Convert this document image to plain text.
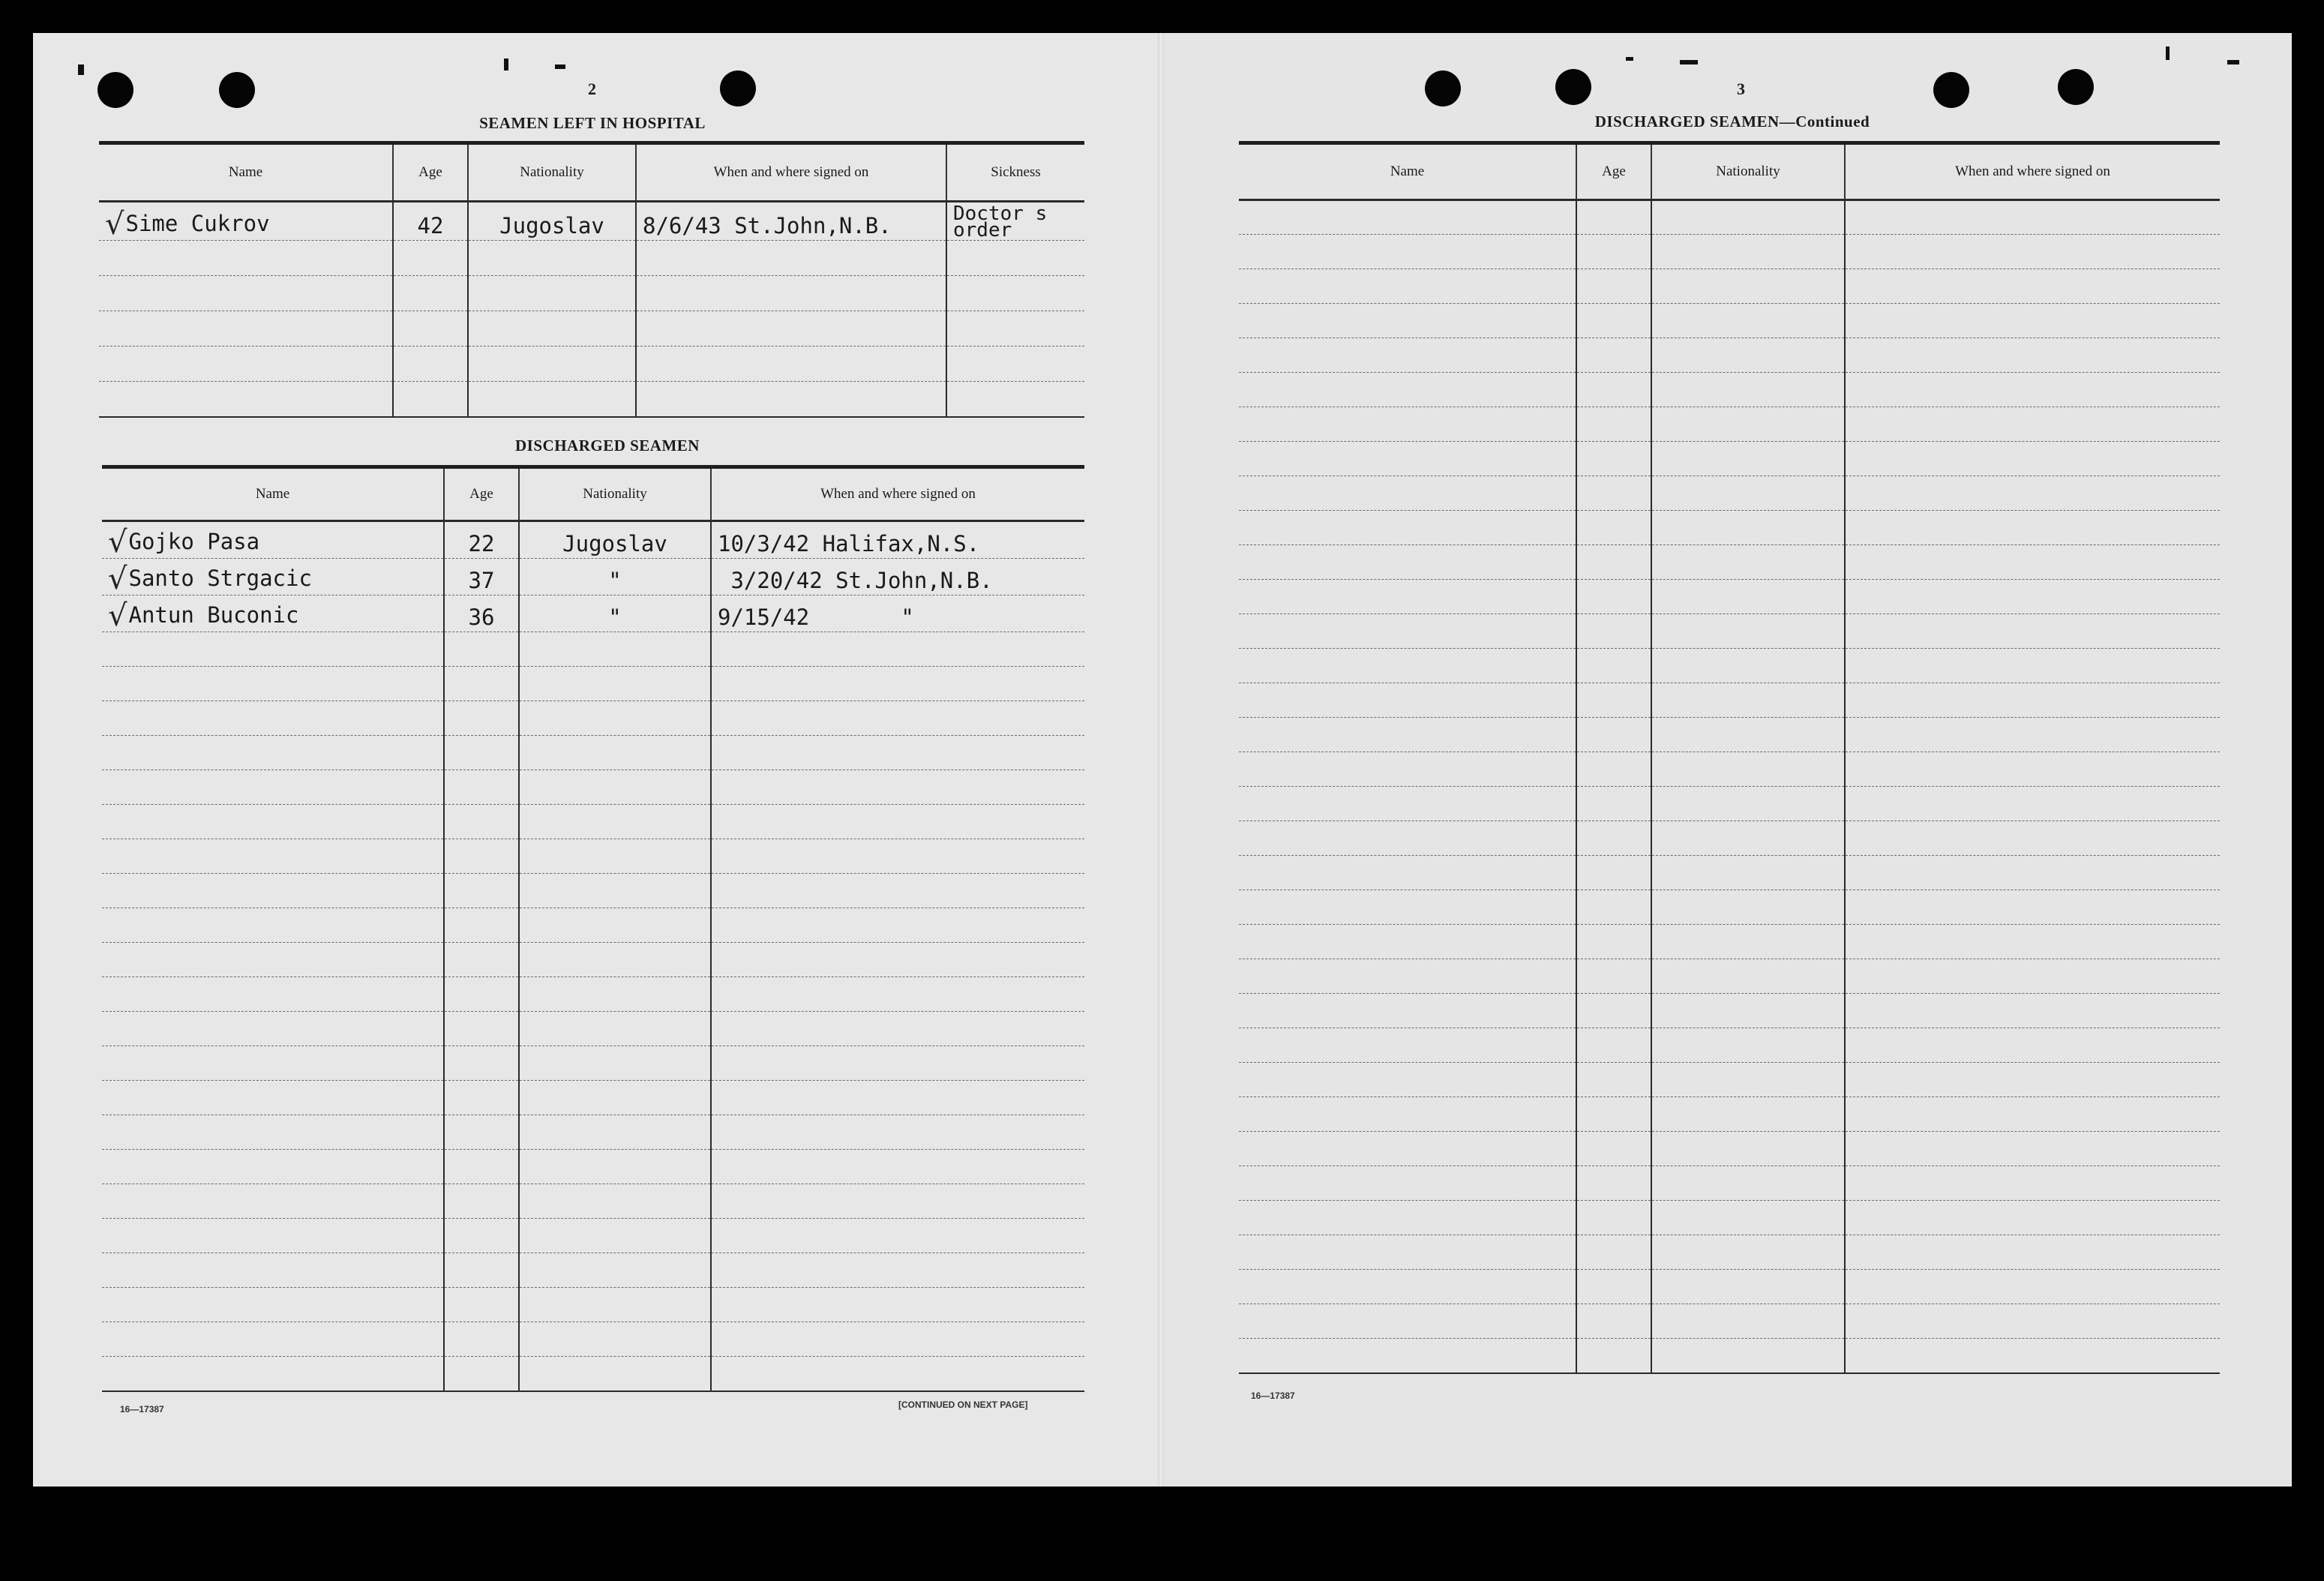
2
SEAMEN LEFT IN HOSPITAL
Name	Age	Nationality	When and where signed on	Sickness
√Sime Cukrov	42	Jugoslav	8/6/43 St.John,N.B.	Doctor s
order

DISCHARGED SEAMEN
Name	Age	Nationality	When and where signed on
√Gojko Pasa	22	Jugoslav	10/3/42 Halifax,N.S.
√Santo Strgacic	37	"	3/20/42 St.John,N.B.
√Antun Buconic	36	"	9/15/42       "

16—17387	[CONTINUED ON NEXT PAGE]
3
DISCHARGED SEAMEN—Continued
Name	Age	Nationality	When and where signed on

16—17387
